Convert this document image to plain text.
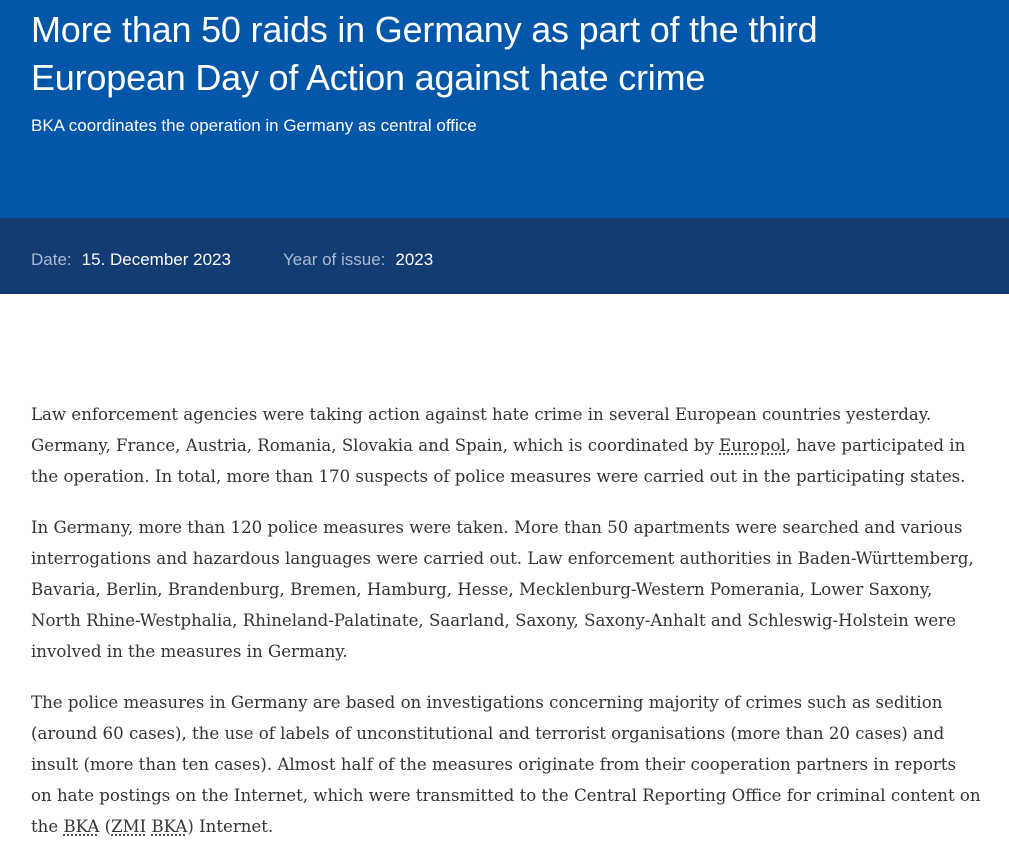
More than 50 raids in Germany as part of the third European Day of Action against hate crime

BKA coordinates the operation in Germany as central office

Date: 15. December 2023	Year of issue: 2023

Law enforcement agencies were taking action against hate crime in several European countries yesterday. Germany, France, Austria, Romania, Slovakia and Spain, which is coordinated by Europol, have participated in the operation. In total, more than 170 suspects of police measures were carried out in the participating states.

In Germany, more than 120 police measures were taken. More than 50 apartments were searched and various interrogations and hazardous languages were carried out. Law enforcement authorities in Baden-Württemberg, Bavaria, Berlin, Brandenburg, Bremen, Hamburg, Hesse, Mecklenburg-Western Pomerania, Lower Saxony, North Rhine-Westphalia, Rhineland-Palatinate, Saarland, Saxony, Saxony-Anhalt and Schleswig-Holstein were involved in the measures in Germany.

The police measures in Germany are based on investigations concerning majority of crimes such as sedition (around 60 cases), the use of labels of unconstitutional and terrorist organisations (more than 20 cases) and insult (more than ten cases). Almost half of the measures originate from their cooperation partners in reports on hate postings on the Internet, which were transmitted to the Central Reporting Office for criminal content on the BKA (ZMI BKA) Internet.
